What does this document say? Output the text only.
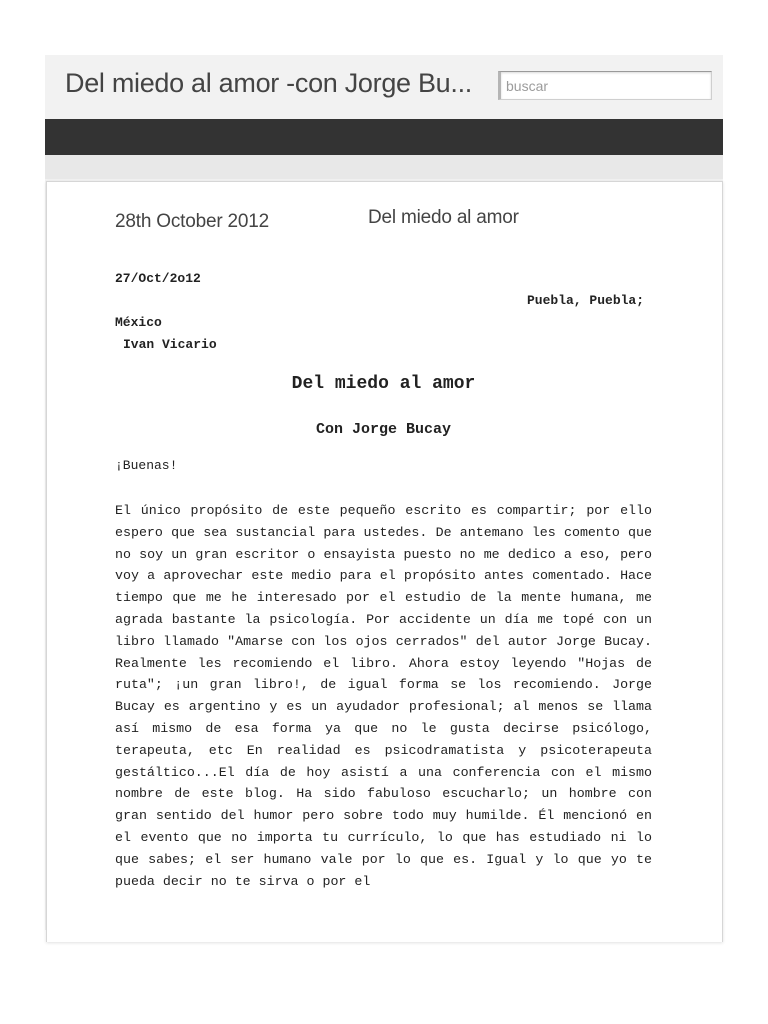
Del miedo al amor -con Jorge Bu...
buscar
28th October 2012	Del miedo al amor

27/Oct/2o12

Puebla, Puebla;

México

Ivan Vicario

Del miedo al amor

Con Jorge Bucay

¡Buenas!

El único propósito de este pequeño escrito es compartir; por ello espero que sea sustancial para ustedes. De antemano les comento que no soy un gran escritor o ensayista puesto no me dedico a eso, pero voy a aprovechar este medio para el propósito antes comentado. Hace tiempo que me he interesado por el estudio de la mente humana, me agrada bastante la psicología. Por accidente un día me topé con un libro llamado "Amarse con los ojos cerrados" del autor Jorge Bucay. Realmente les recomiendo el libro. Ahora estoy leyendo "Hojas de ruta"; ¡un gran libro!, de igual forma se los recomiendo. Jorge Bucay es argentino y es un ayudador profesional; al menos se llama así mismo de esa forma ya que no le gusta decirse psicólogo, terapeuta, etc En realidad es psicodramatista y psicoterapeuta gestáltico...El día de hoy asistí a una conferencia con el mismo nombre de este blog. Ha sido fabuloso escucharlo; un hombre con gran sentido del humor pero sobre todo muy humilde. Él mencionó en el evento que no importa tu currículo, lo que has estudiado ni lo que sabes; el ser humano vale por lo que es. Igual y lo que yo te pueda decir no te sirva o por el
